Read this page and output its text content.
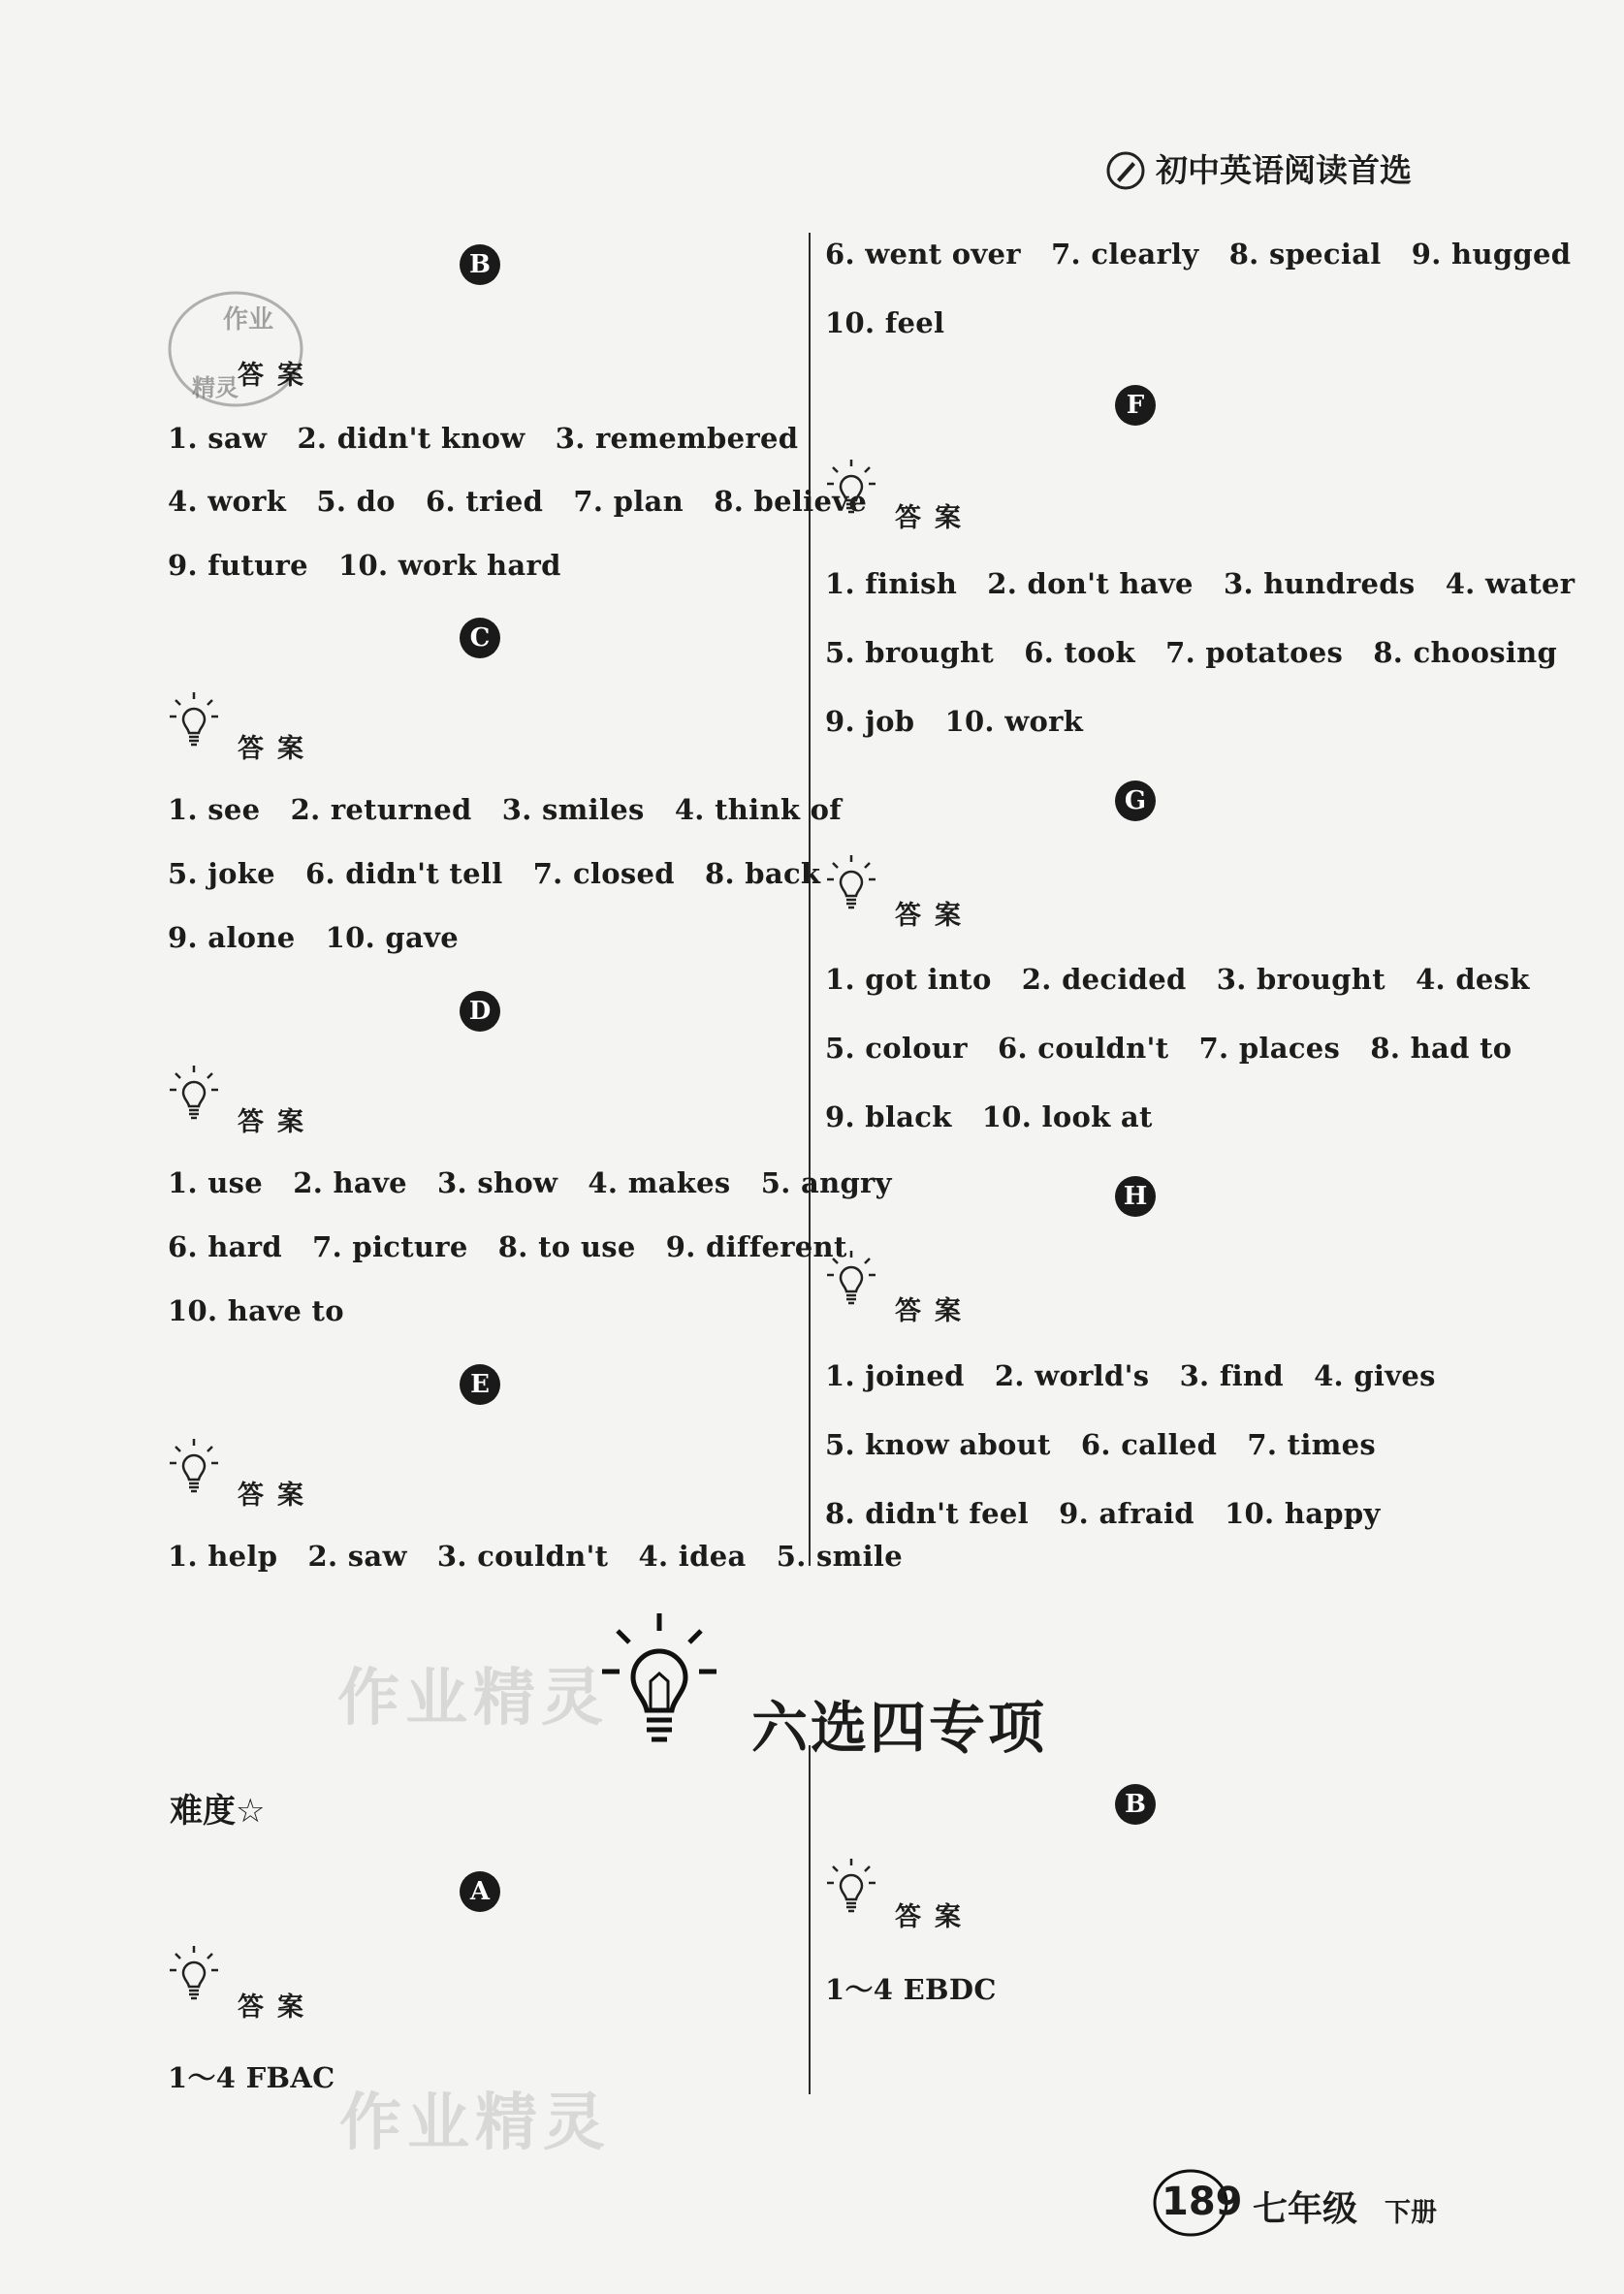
初中英语阅读首选
作业
精灵
B
答案
1. saw   2. didn't know   3. remembered
4. work   5. do   6. tried   7. plan   8. believe
9. future   10. work hard
C
答案
1. see   2. returned   3. smiles   4. think of
5. joke   6. didn't tell   7. closed   8. back
9. alone   10. gave
D
答案
1. use   2. have   3. show   4. makes   5. angry
6. hard   7. picture   8. to use   9. different
10. have to
E
答案
1. help   2. saw   3. couldn't   4. idea   5. smile
6. went over   7. clearly   8. special   9. hugged
10. feel
F
答案
1. finish   2. don't have   3. hundreds   4. water
5. brought   6. took   7. potatoes   8. choosing
9. job   10. work
G
答案
1. got into   2. decided   3. brought   4. desk
5. colour   6. couldn't   7. places   8. had to
9. black   10. look at
H
答案
1. joined   2. world's   3. find   4. gives
5. know about   6. called   7. times
8. didn't feel   9. afraid   10. happy
作业精灵	六选四专项
难度☆
A
答案
1～4 FBAC
作业精灵
B
答案
1～4 EBDC
189 七年级 下册
